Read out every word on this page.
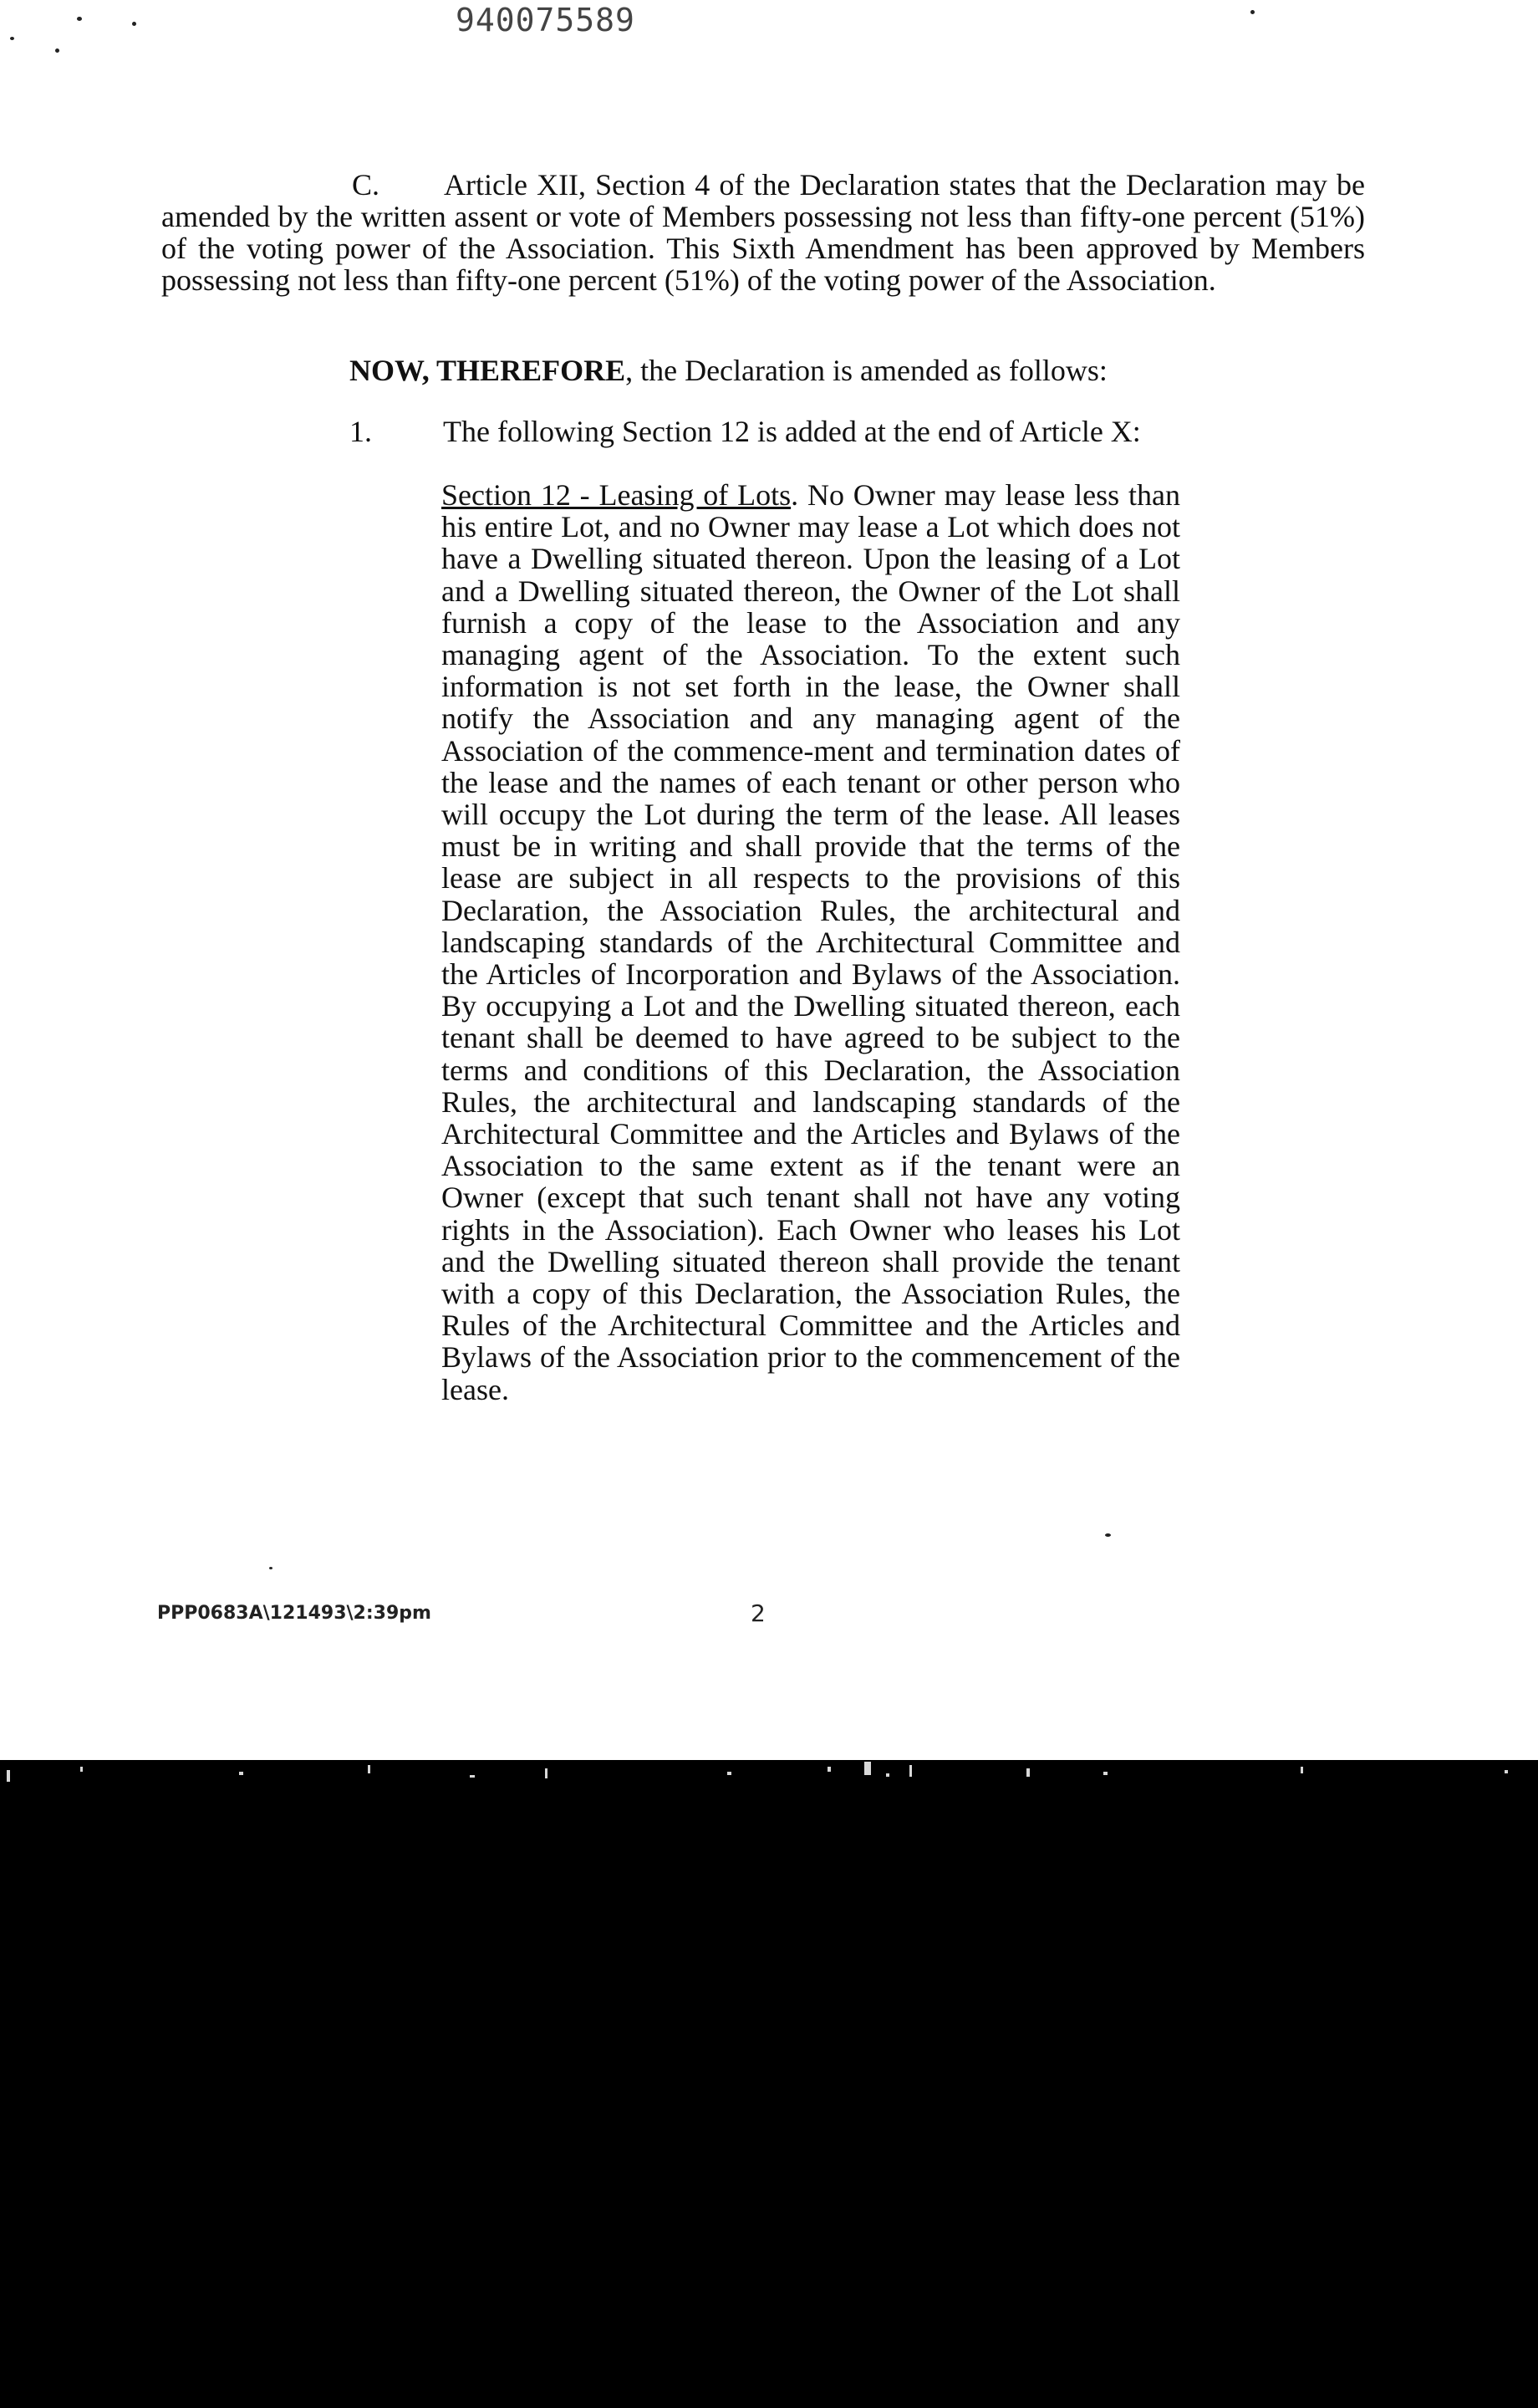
940075589

C. Article XII, Section 4 of the Declaration states that the Declaration may be amended by the written assent or vote of Members possessing not less than fifty-one percent (51%) of the voting power of the Association. This Sixth Amendment has been approved by Members possessing not less than fifty-one percent (51%) of the voting power of the Association.

NOW, THEREFORE, the Declaration is amended as follows:
1. The following Section 12 is added at the end of Article X:

Section 12 - Leasing of Lots. No Owner may lease less than his entire Lot, and no Owner may lease a Lot which does not have a Dwelling situated thereon. Upon the leasing of a Lot and a Dwelling situated thereon, the Owner of the Lot shall furnish a copy of the lease to the Association and any managing agent of the Association. To the extent such information is not set forth in the lease, the Owner shall notify the Association and any managing agent of the Association of the commence-ment and termination dates of the lease and the names of each tenant or other person who will occupy the Lot during the term of the lease. All leases must be in writing and shall provide that the terms of the lease are subject in all respects to the provisions of this Declaration, the Association Rules, the architectural and landscaping standards of the Architectural Committee and the Articles of Incorporation and Bylaws of the Association. By occupying a Lot and the Dwelling situated thereon, each tenant shall be deemed to have agreed to be subject to the terms and conditions of this Declaration, the Association Rules, the architectural and landscaping standards of the Architectural Committee and the Articles and Bylaws of the Association to the same extent as if the tenant were an Owner (except that such tenant shall not have any voting rights in the Association). Each Owner who leases his Lot and the Dwelling situated thereon shall provide the tenant with a copy of this Declaration, the Association Rules, the Rules of the Architectural Committee and the Articles and Bylaws of the Association prior to the commencement of the lease.

PPP0683A\121493\2:39pm	2
